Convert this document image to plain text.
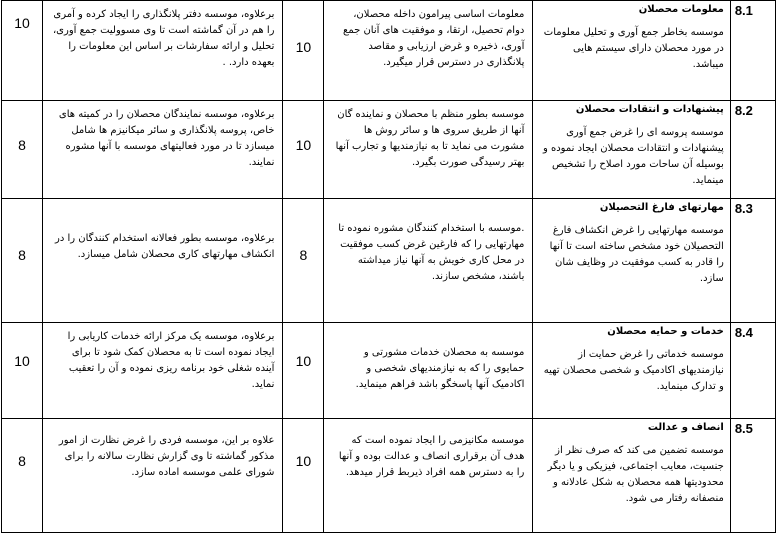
10	برعلاوه، موسسه دفتر پلانگذاری را ایجاد کرده و آمری را هم در آن گماشته است تا وی مسوولیت جمع آوری، تحلیل و ارائه سفارشات بر اساس این معلومات را بعهده دارد. .	10	معلومات اساسی پیرامون داخله محصلان، دوام تحصیل، ارتقا، و موفقیت های آنان جمع آوری، ذخیره و غرض ارزیابی و مقاصد پلانگذاری در دسترس قرار میگیرد.	معلومات محصلان
موسسه بخاطر جمع آوری و تحلیل معلومات در مورد محصلان دارای سیستم هایی میباشد.	8.1

8	برعلاوه، موسسه نمایندگان محصلان را در کمیته های خاص، پروسه پلانگذاری و سائر میکانیزم ها شامل میسازد تا در مورد فعالیتهای موسسه با آنها مشوره نمایند.	10	موسسه بطور منظم با محصلان و نماینده گان آنها از طریق سروی ها و سائر روش ها مشورت می نماید تا به نیازمندیها و تجارب آنها بهتر رسیدگی صورت بگیرد.	پیشنهادات و انتقادات محصلان
موسسه پروسه ای را غرض جمع آوری پیشنهادات و انتقادات محصلان ایجاد نموده و بوسیله آن ساحات مورد اصلاح را تشخیص مینماید.	8.2

8	برعلاوه، موسسه بطور فعالانه استخدام کنندگان را در انکشاف مهارتهای کاری محصلان شامل میسازد.	8	.موسسه با استخدام کنندگان مشوره نموده تا مهارتهایی را که فارغین غرض کسب موفقیت در محل کاری خویش به آنها نیاز میداشته باشند، مشخص سازند.	مهارتهای فارغ التحصیلان
موسسه مهارتهایی را غرض انکشاف فارغ التحصیلان خود مشخص ساخته است تا آنها را قادر به کسب موفقیت در وظایف شان سازد.	8.3

10	برعلاوه، موسسه یک مرکز ارائه خدمات کاریابی را ایجاد نموده است تا به محصلان کمک شود تا برای آینده شغلی خود برنامه ریزی نموده و آن را تعقیب نماید.	10	موسسه به محصلان خدمات مشورتی و حمایوی را که به نیازمندیهای شخصی و اکادمیک آنها پاسخگو باشد فراهم مینماید.	خدمات و حمایه محصلان
موسسه خدماتی را غرض حمایت از نیازمندیهای اکادمیک و شخصی محصلان تهیه و تدارک مینماید.	8.4

8	علاوه بر این، موسسه فردی را غرض نظارت از امور مذکور گماشته تا وی گزارش نظارت سالانه را برای شورای علمی موسسه اماده سازد.	10	موسسه مکانیزمی را ایجاد نموده است که هدف آن برقراری انصاف و عدالت بوده و آنها را به دسترس همه افراد ذیربط قرار میدهد.	انصاف و عدالت
موسسه تضمین می کند که صرف نظر از جنسیت، معایب اجتماعی، فیزیکی و یا دیگر محدودیتها همه محصلان به شکل عادلانه و منصفانه رفتار می شود.	8.5
